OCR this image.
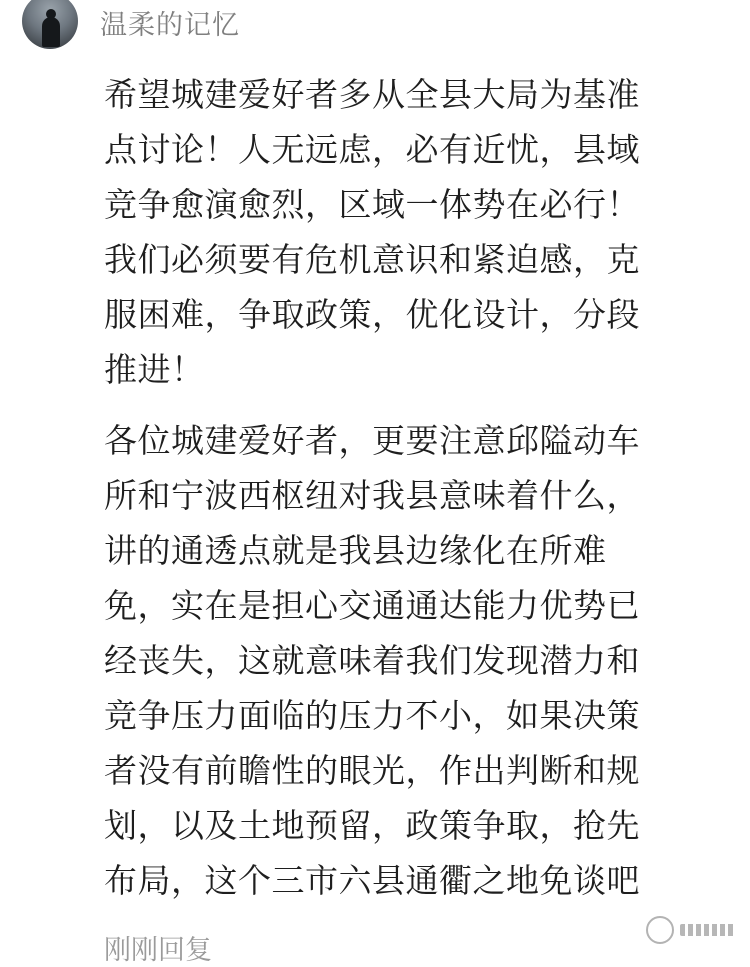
温柔的记忆

希望城建爱好者多从全县大局为基准
点讨论！人无远虑，必有近忧，县域
竞争愈演愈烈，区域一体势在必行！
我们必须要有危机意识和紧迫感，克
服困难，争取政策，优化设计，分段
推进！

各位城建爱好者，更要注意邱隘动车
所和宁波西枢纽对我县意味着什么，
讲的通透点就是我县边缘化在所难
免，实在是担心交通通达能力优势已
经丧失，这就意味着我们发现潜力和
竞争压力面临的压力不小，如果决策
者没有前瞻性的眼光，作出判断和规
划，以及土地预留，政策争取，抢先
布局，这个三市六县通衢之地免谈吧

刚刚回复
